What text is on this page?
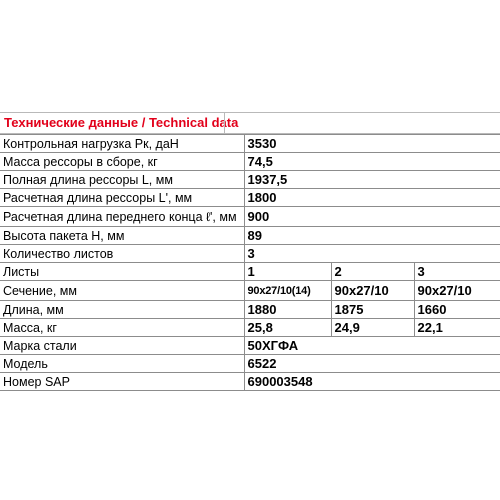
Технические данные / Technical data
Контрольная нагрузка Pк, даН	3530		
Масса рессоры в сборе, кг	74,5		
Полная длина рессоры L, мм	1937,5		
Расчетная длина рессоры L', мм	1800		
Расчетная длина переднего конца ℓ', мм	900		
Высота пакета H, мм	89		
Количество листов	3		
Листы	1	2	3
Сечение, мм	90x27/10(14)	90x27/10	90x27/10
Длина, мм	1880	1875	1660
Масса, кг	25,8	24,9	22,1
Марка стали	50ХГФА		
Модель	6522		
Номер SAP	690003548		
